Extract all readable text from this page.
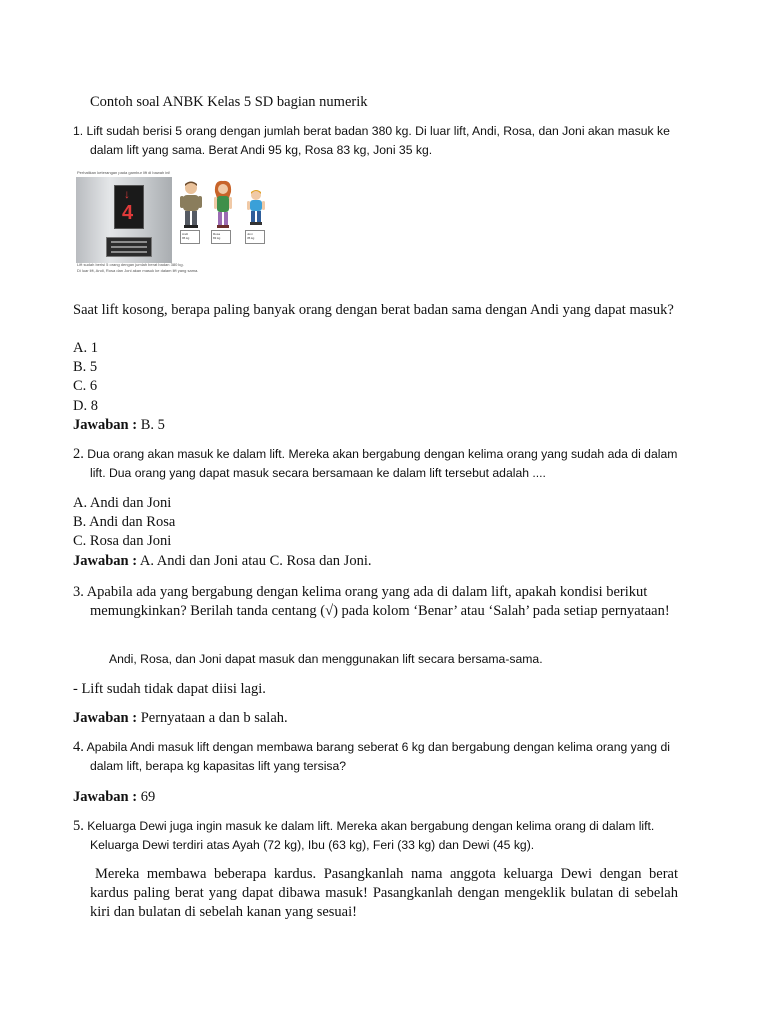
Contoh soal ANBK Kelas 5 SD bagian numerik

1. Lift sudah berisi 5 orang dengan jumlah berat badan 380 kg. Di luar lift, Andi, Rosa, dan Joni akan masuk ke dalam lift yang sama. Berat Andi 95 kg, Rosa 83 kg, Joni 35 kg.

Perhatikan keterangan pada gambur lift di bawah ini!
↓
4
Andi
95 kg
Rosa
83 kg
Joni
35 kg
Lift sudah berisi 5 orang dengan jumlah berat badan 380 kg.
Di luar lift, Andi, Rosa dan Joni akan masuk ke dalam lift yang sama.

Saat lift kosong, berapa paling banyak orang dengan berat badan sama dengan Andi yang dapat masuk?

A. 1

B. 5

C. 6

D. 8

Jawaban : B. 5

2. Dua orang akan masuk ke dalam lift. Mereka akan bergabung dengan kelima orang yang sudah ada di dalam lift. Dua orang yang dapat masuk secara bersamaan ke dalam lift tersebut adalah ....

A. Andi dan Joni

B. Andi dan Rosa

C. Rosa dan Joni

Jawaban : A. Andi dan Joni atau C. Rosa dan Joni.

3. Apabila ada yang bergabung dengan kelima orang yang ada di dalam lift, apakah kondisi berikut memungkinkan? Berilah tanda centang (√) pada kolom ‘Benar’ atau ‘Salah’ pada setiap pernyataan!

Andi, Rosa, dan Joni dapat masuk dan menggunakan lift secara bersama-sama.

- Lift sudah tidak dapat diisi lagi.

Jawaban : Pernyataan a dan b salah.

4. Apabila Andi masuk lift dengan membawa barang seberat 6 kg dan bergabung dengan kelima orang yang di dalam lift, berapa kg kapasitas lift yang tersisa?

Jawaban : 69

5. Keluarga Dewi juga ingin masuk ke dalam lift. Mereka akan bergabung dengan kelima orang di dalam lift. Keluarga Dewi terdiri atas Ayah (72 kg), Ibu (63 kg), Feri (33 kg) dan Dewi (45 kg).

Mereka membawa beberapa kardus. Pasangkanlah nama anggota keluarga Dewi dengan berat kardus paling berat yang dapat dibawa masuk! Pasangkanlah dengan mengeklik bulatan di sebelah kiri dan bulatan di sebelah kanan yang sesuai!
